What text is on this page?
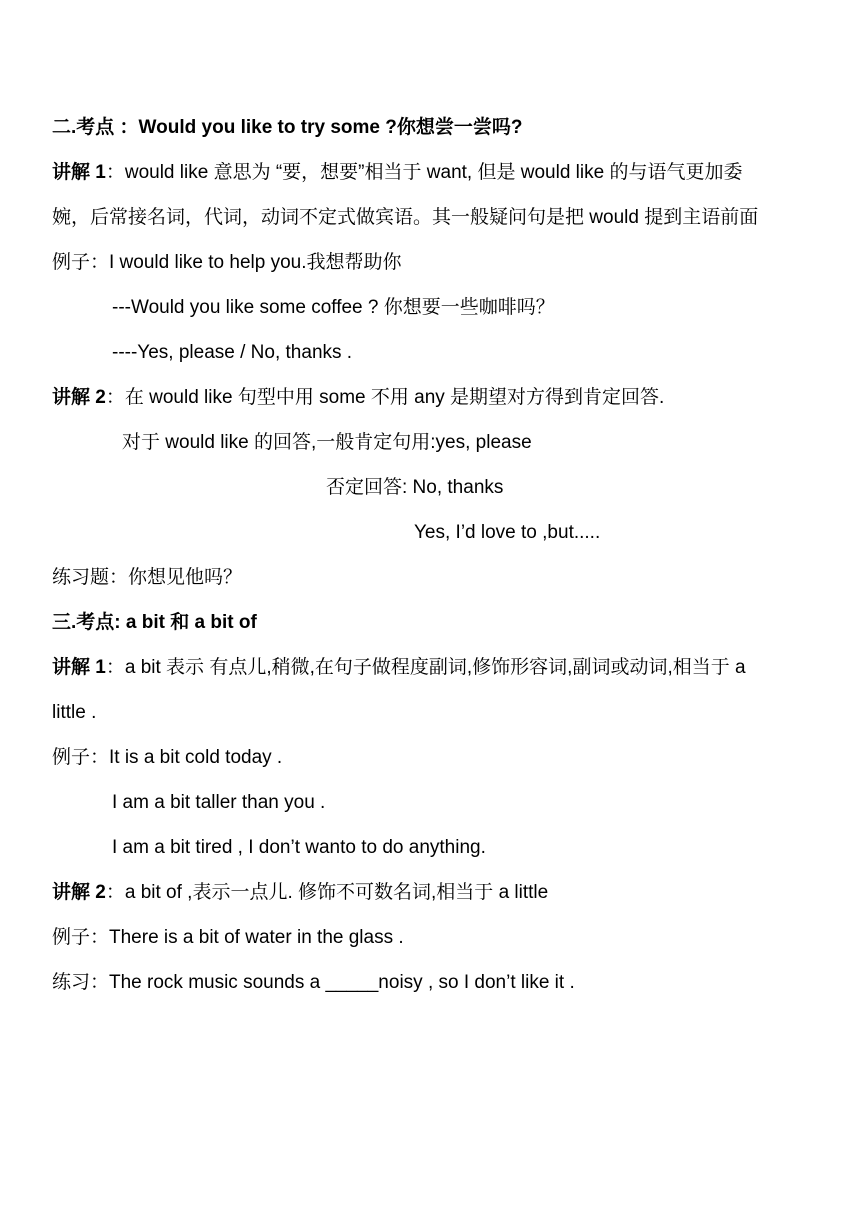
二.考点 ：Would you like to try some ?你想尝一尝吗?
讲解 1：would like 意思为 “要，想要”相当于 want, 但是 would like 的与语气更加委
婉，后常接名词，代词，动词不定式做宾语。其一般疑问句是把 would 提到主语前面
例子：I would like to help you.我想帮助你
---Would you like some coffee ? 你想要一些咖啡吗？
----Yes, please / No, thanks .
讲解 2：在 would like 句型中用 some 不用 any 是期望对方得到肯定回答.
对于 would like 的回答,一般肯定句用:yes, please
否定回答: No, thanks
Yes, I’d love to ,but.....
练习题：你想见他吗？
三.考点: a bit 和 a bit of
讲解 1：a bit 表示 有点儿,稍微,在句子做程度副词,修饰形容词,副词或动词,相当于 a
little .
例子：It is a bit cold today .
I am a bit taller than you .
I am a bit tired , I don’t wanto to do anything.
讲解 2：a bit of ,表示一点儿. 修饰不可数名词,相当于 a little
例子：There is a bit of water in the glass .
练习：The rock music sounds a _____noisy , so I don’t like it .
